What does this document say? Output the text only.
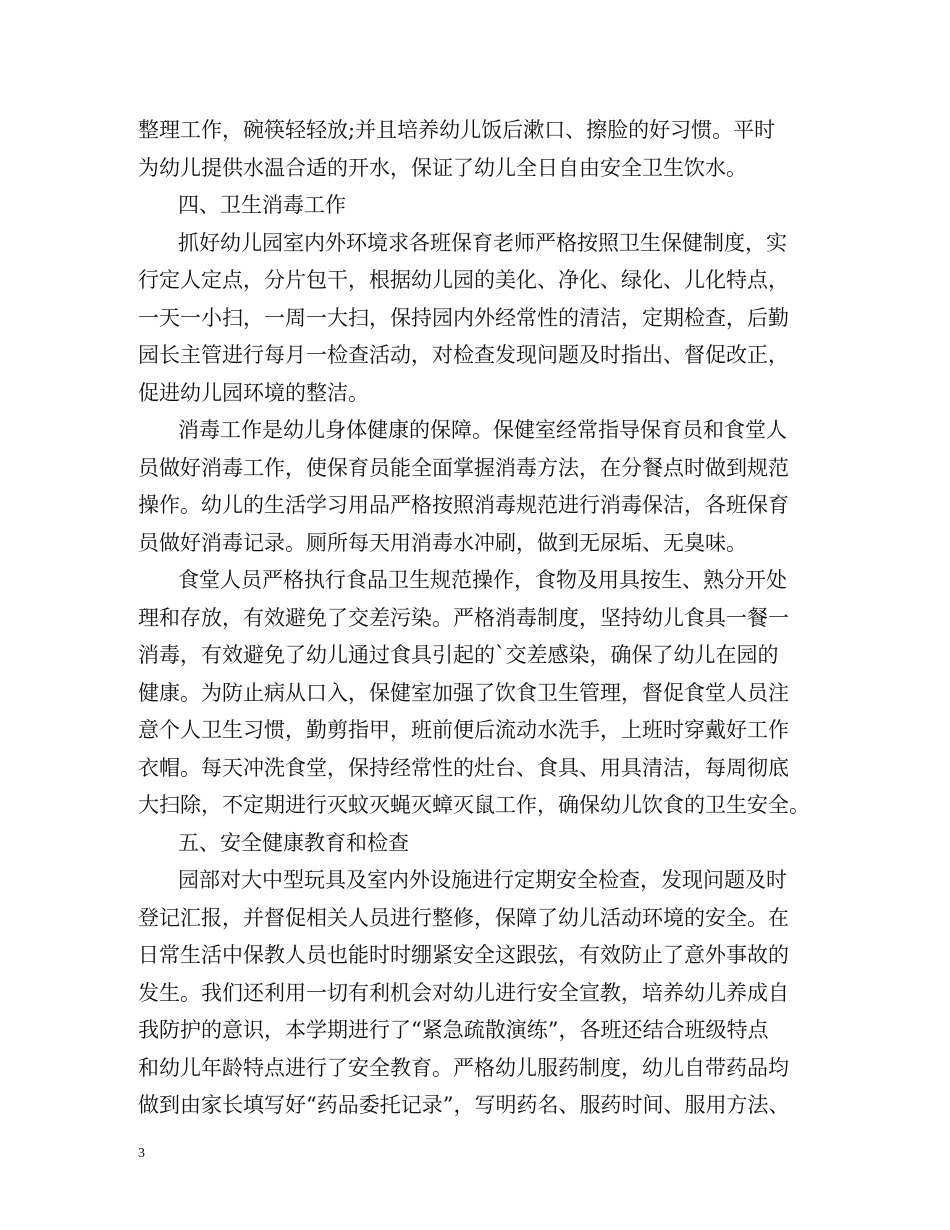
整理工作，碗筷轻轻放;并且培养幼儿饭后漱口、擦脸的好习惯。平时
为幼儿提供水温合适的开水，保证了幼儿全日自由安全卫生饮水。
四、卫生消毒工作
抓好幼儿园室内外环境求各班保育老师严格按照卫生保健制度，实
行定人定点，分片包干，根据幼儿园的美化、净化、绿化、儿化特点，
一天一小扫，一周一大扫，保持园内外经常性的清洁，定期检查，后勤
园长主管进行每月一检查活动，对检查发现问题及时指出、督促改正，
促进幼儿园环境的整洁。
消毒工作是幼儿身体健康的保障。保健室经常指导保育员和食堂人
员做好消毒工作，使保育员能全面掌握消毒方法，在分餐点时做到规范
操作。幼儿的生活学习用品严格按照消毒规范进行消毒保洁，各班保育
员做好消毒记录。厕所每天用消毒水冲刷，做到无尿垢、无臭味。
食堂人员严格执行食品卫生规范操作，食物及用具按生、熟分开处
理和存放，有效避免了交差污染。严格消毒制度，坚持幼儿食具一餐一
消毒，有效避免了幼儿通过食具引起的`交差感染，确保了幼儿在园的
健康。为防止病从口入，保健室加强了饮食卫生管理，督促食堂人员注
意个人卫生习惯，勤剪指甲，班前便后流动水洗手，上班时穿戴好工作
衣帽。每天冲洗食堂，保持经常性的灶台、食具、用具清洁，每周彻底
大扫除，不定期进行灭蚊灭蝇灭蟑灭鼠工作，确保幼儿饮食的卫生安全。
五、安全健康教育和检查
园部对大中型玩具及室内外设施进行定期安全检查，发现问题及时
登记汇报，并督促相关人员进行整修，保障了幼儿活动环境的安全。在
日常生活中保教人员也能时时绷紧安全这跟弦，有效防止了意外事故的
发生。我们还利用一切有利机会对幼儿进行安全宣教，培养幼儿养成自
我防护的意识，本学期进行了“紧急疏散演练”，各班还结合班级特点
和幼儿年龄特点进行了安全教育。严格幼儿服药制度，幼儿自带药品均
做到由家长填写好“药品委托记录”，写明药名、服药时间、服用方法、
3
